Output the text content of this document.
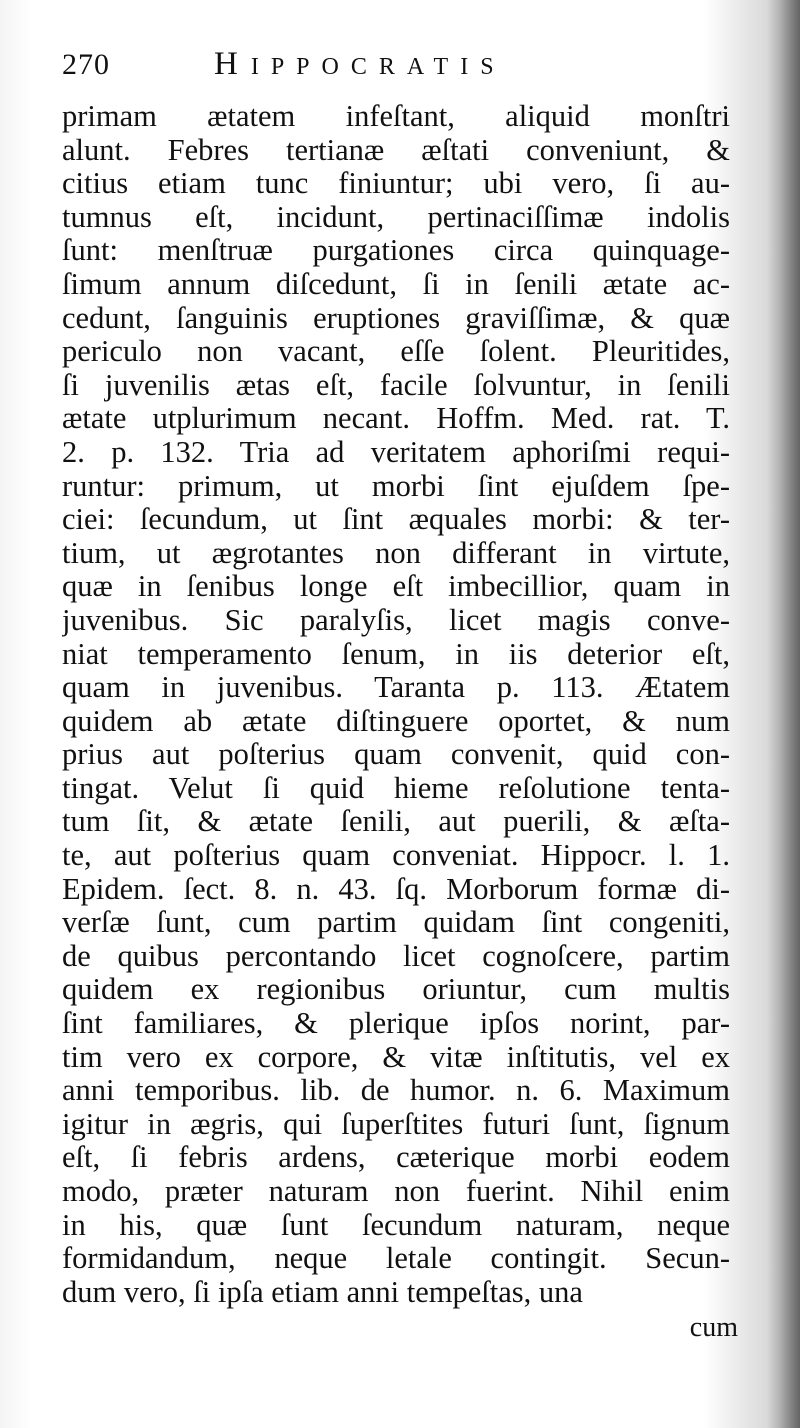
270	HIPPOCRATIS
primam ætatem infeſtant, aliquid monſtri
alunt. Febres tertianæ æſtati conveniunt, &
citius etiam tunc finiuntur; ubi vero, ſi au-
tumnus eſt, incidunt, pertinaciſſimæ indolis
ſunt: menſtruæ purgationes circa quinquage-
ſimum annum diſcedunt, ſi in ſenili ætate ac-
cedunt, ſanguinis eruptiones graviſſimæ, & quæ
periculo non vacant, eſſe ſolent. Pleuritides,
ſi juvenilis ætas eſt, facile ſolvuntur, in ſenili
ætate utplurimum necant. Hoffm. Med. rat. T.
2. p. 132. Tria ad veritatem aphoriſmi requi-
runtur: primum, ut morbi ſint ejuſdem ſpe-
ciei: ſecundum, ut ſint æquales morbi: & ter-
tium, ut ægrotantes non differant in virtute,
quæ in ſenibus longe eſt imbecillior, quam in
juvenibus. Sic paralyſis, licet magis conve-
niat temperamento ſenum, in iis deterior eſt,
quam in juvenibus. Taranta p. 113. Ætatem
quidem ab ætate diſtinguere oportet, & num
prius aut poſterius quam convenit, quid con-
tingat. Velut ſi quid hieme reſolutione tenta-
tum ſit, & ætate ſenili, aut puerili, & æſta-
te, aut poſterius quam conveniat. Hippocr. l. 1.
Epidem. ſect. 8. n. 43. ſq. Morborum formæ di-
verſæ ſunt, cum partim quidam ſint congeniti,
de quibus percontando licet cognoſcere, partim
quidem ex regionibus oriuntur, cum multis
ſint familiares, & plerique ipſos norint, par-
tim vero ex corpore, & vitæ inſtitutis, vel ex
anni temporibus. lib. de humor. n. 6. Maximum
igitur in ægris, qui ſuperſtites futuri ſunt, ſignum
eſt, ſi febris ardens, cæterique morbi eodem
modo, præter naturam non fuerint. Nihil enim
in his, quæ ſunt ſecundum naturam, neque
formidandum, neque letale contingit. Secun-
dum vero, ſi ipſa etiam anni tempeſtas, una
cum
